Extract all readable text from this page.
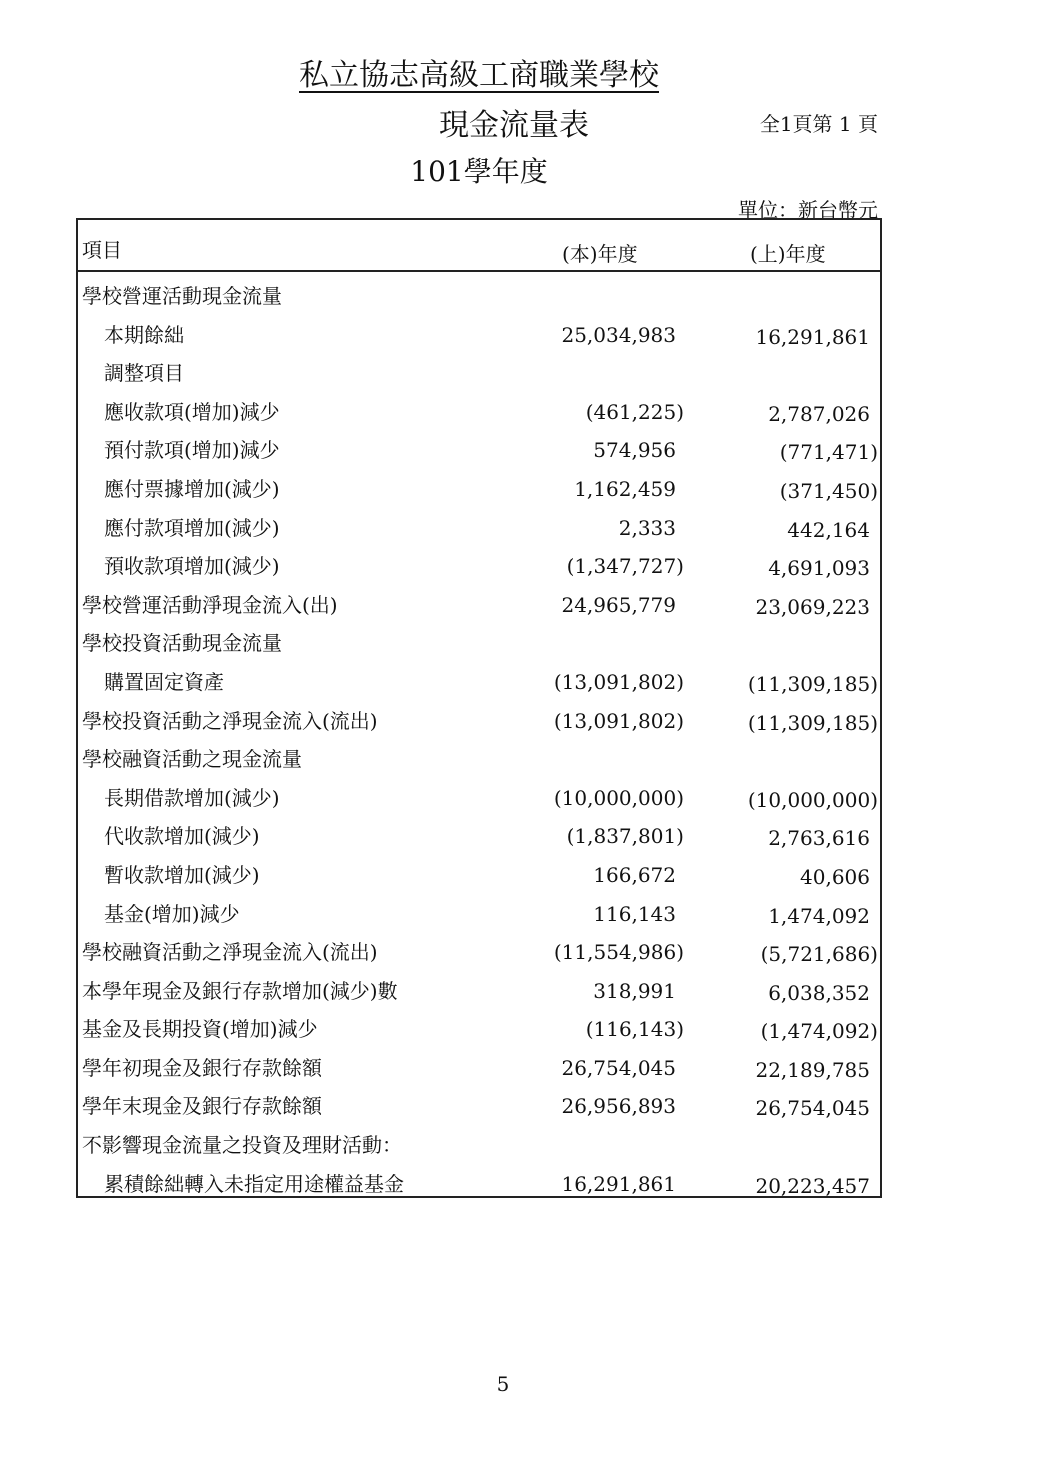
私立協志高級工商職業學校
現金流量表	全1頁第 1 頁
101學年度
單位：新台幣元
項目	(本)年度	(上)年度
學校營運活動現金流量
本期餘絀	25,034,983	16,291,861
調整項目
應收款項(增加)減少	(461,225)	2,787,026
預付款項(增加)減少	574,956	(771,471)
應付票據增加(減少)	1,162,459	(371,450)
應付款項增加(減少)	2,333	442,164
預收款項增加(減少)	(1,347,727)	4,691,093
學校營運活動淨現金流入(出)	24,965,779	23,069,223
學校投資活動現金流量
購置固定資產	(13,091,802)	(11,309,185)
學校投資活動之淨現金流入(流出)	(13,091,802)	(11,309,185)
學校融資活動之現金流量
長期借款增加(減少)	(10,000,000)	(10,000,000)
代收款增加(減少)	(1,837,801)	2,763,616
暫收款增加(減少)	166,672	40,606
基金(增加)減少	116,143	1,474,092
學校融資活動之淨現金流入(流出)	(11,554,986)	(5,721,686)
本學年現金及銀行存款增加(減少)數	318,991	6,038,352
基金及長期投資(增加)減少	(116,143)	(1,474,092)
學年初現金及銀行存款餘額	26,754,045	22,189,785
學年末現金及銀行存款餘額	26,956,893	26,754,045
不影響現金流量之投資及理財活動：
累積餘絀轉入未指定用途權益基金	16,291,861	20,223,457
5
